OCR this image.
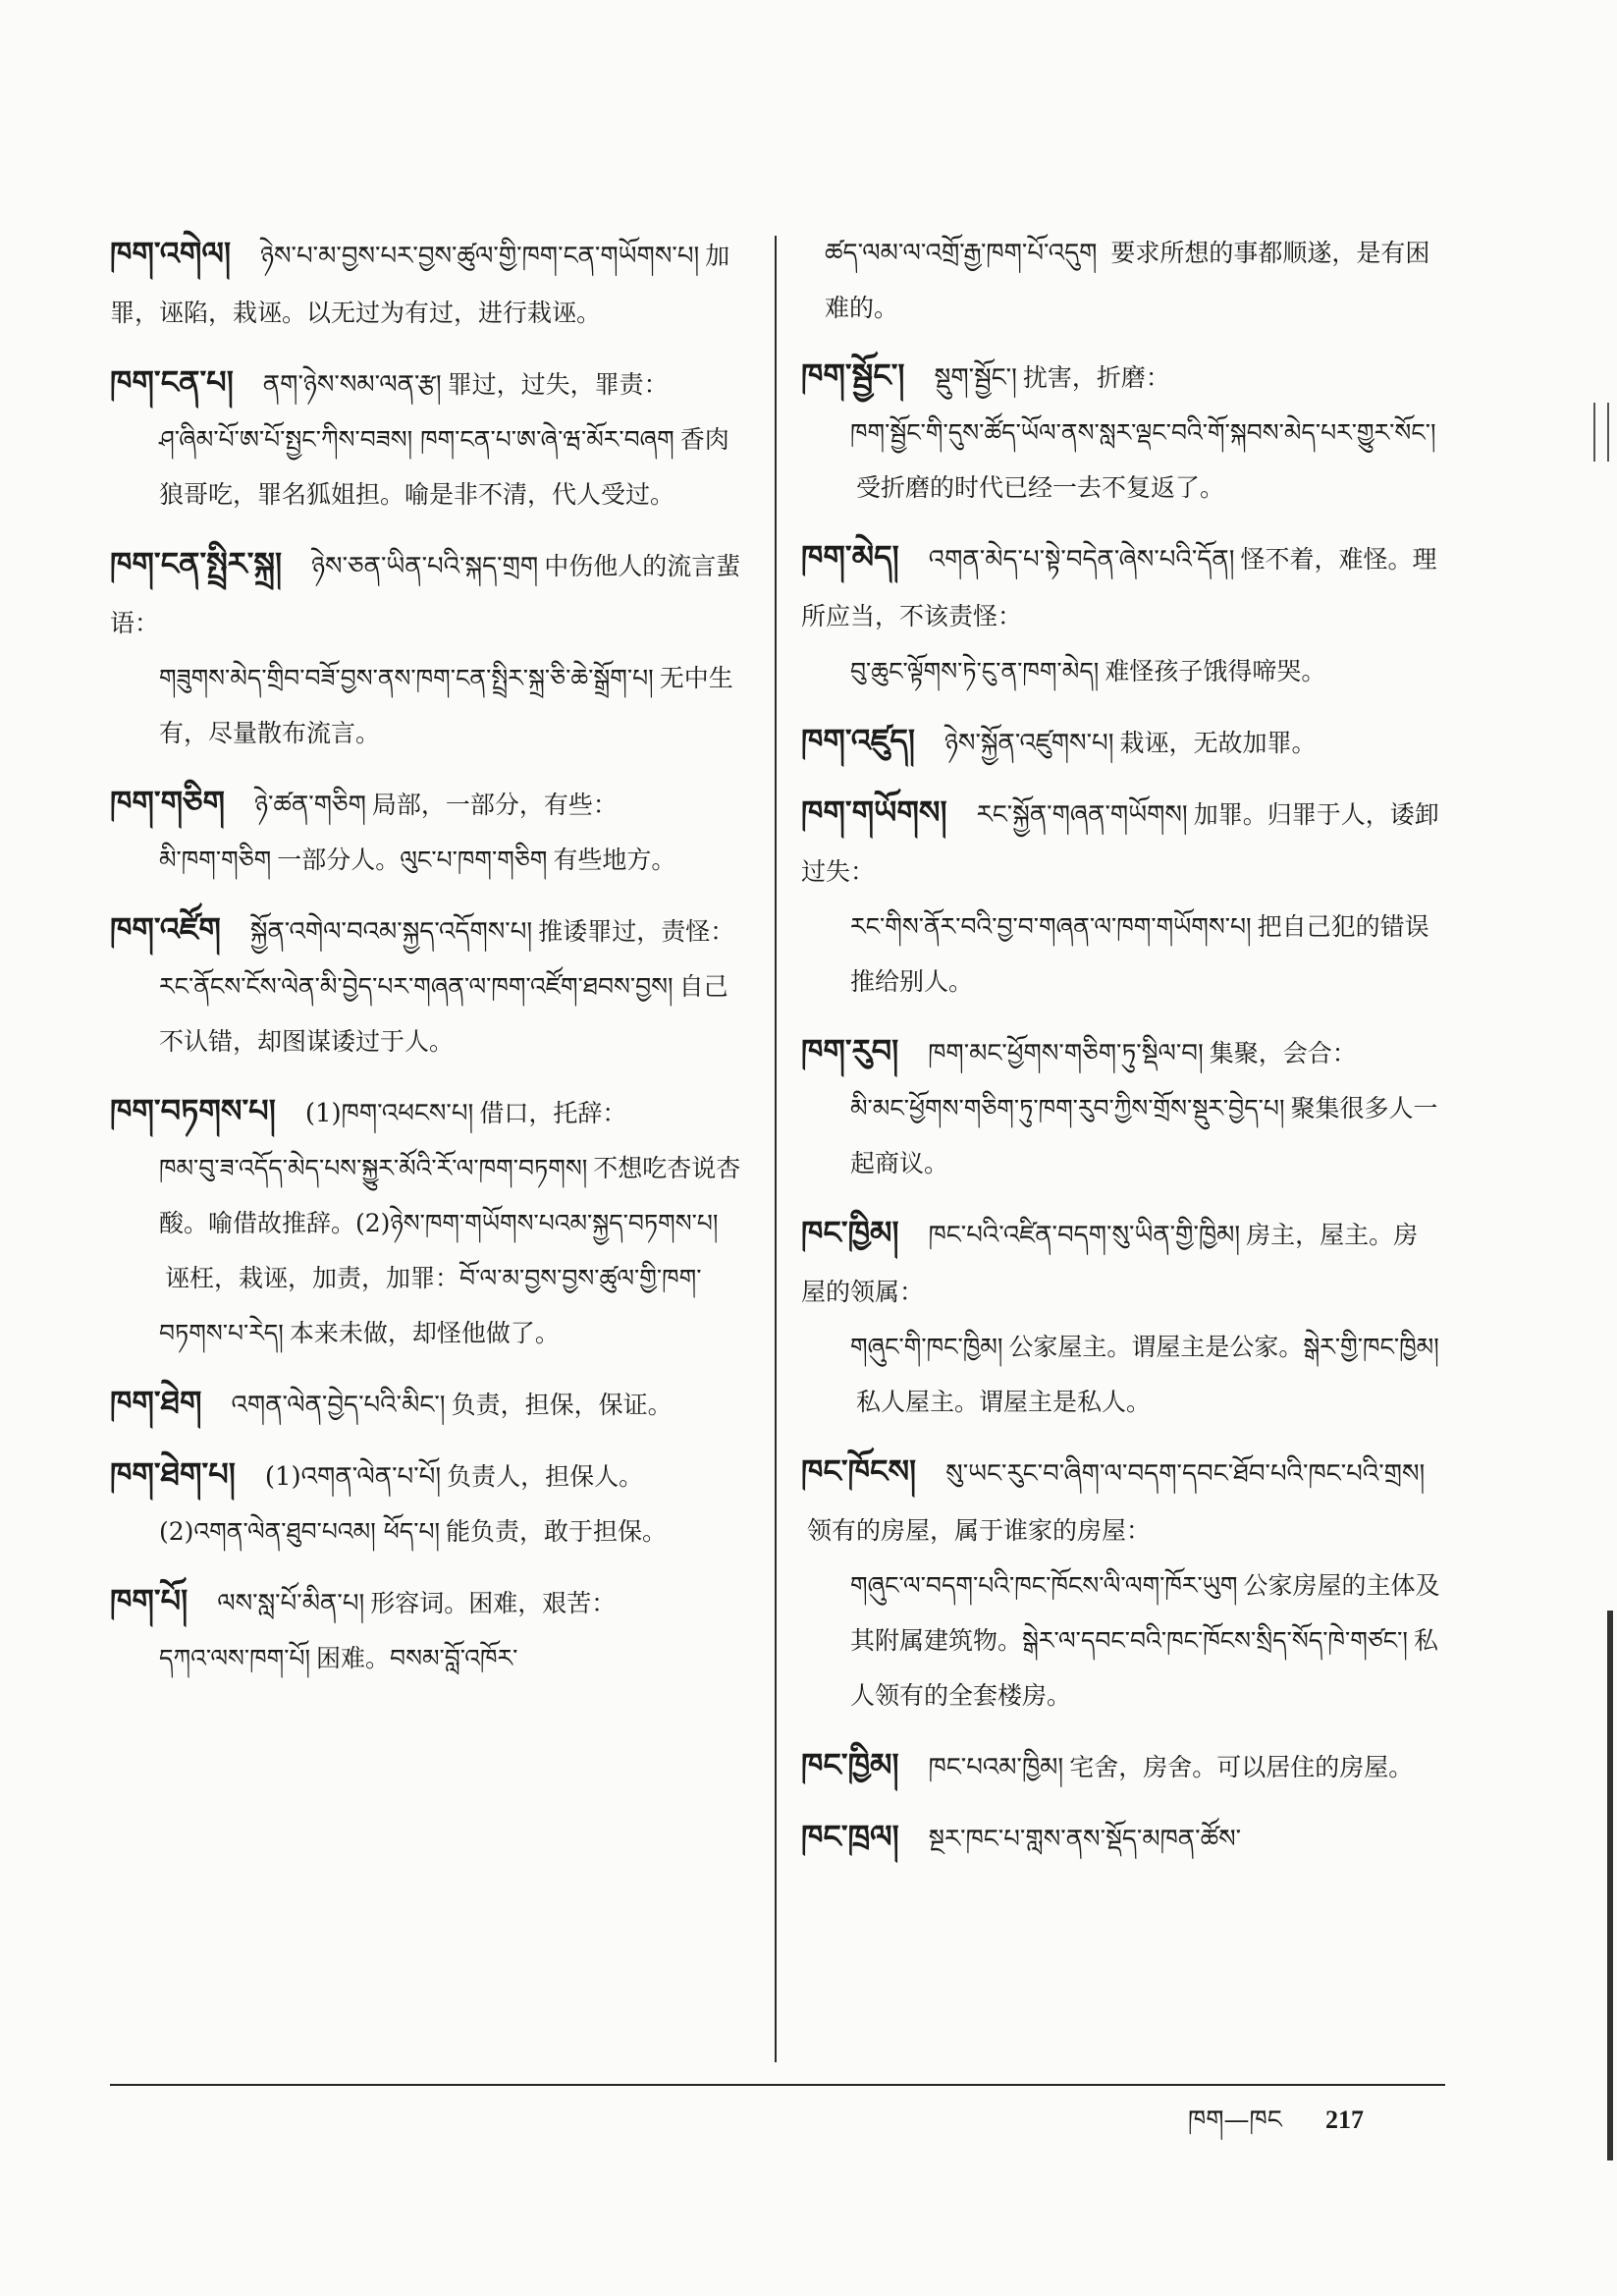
ཁག་འགེལ། ཉེས་པ་མ་བྱས་པར་བྱས་ཚུལ་གྱི་ཁག་ངན་གཡོགས་པ། 加罪，诬陷，栽诬。以无过为有过，进行栽诬。
ཁག་ངན་པ། ནག་ཉེས་སམ་ལན་རྩ། 罪过，过失，罪责：
ཤ་ཞིམ་པོ་ཨ་པོ་སྤྱང་ཀིས་བཟས། ཁག་ངན་པ་ཨ་ཞེ་ཝ་མོར་བཞག 香肉狼哥吃，罪名狐姐担。喻是非不清，代人受过。
ཁག་ངན་སྤྲིར་སྐྲ། ཉེས་ཅན་ཡིན་པའི་སྐད་གྲག 中伤他人的流言蜚语：
གཟུགས་མེད་གྲིབ་བཟོ་བྱས་ནས་ཁག་ངན་སྤྲིར་སྐྲ་ཅི་ཆེ་སྒྲོག་པ། 无中生有，尽量散布流言。
ཁག་གཅིག ཉེ་ཚན་གཅིག 局部，一部分，有些：
མི་ཁག་གཅིག 一部分人。ལུང་པ་ཁག་གཅིག 有些地方。
ཁག་འཛོག སྐྱོན་འགེལ་བའམ་སྐྱད་འདོགས་པ། 推诿罪过，责怪：
རང་ནོངས་ངོས་ལེན་མི་བྱེད་པར་གཞན་ལ་ཁག་འཛོག་ཐབས་བྱས། 自己不认错，却图谋诿过于人。
ཁག་བཏགས་པ། (1)ཁག་འཕངས་པ། 借口，托辞：
ཁམ་བུ་ཟ་འདོད་མེད་པས་སྐྱུར་མོའི་རོ་ལ་ཁག་བཏགས། 不想吃杏说杏酸。喻借故推辞。(2)ཉེས་ཁག་གཡོགས་པའམ་སྐྱད་བཏགས་པ།诬枉，栽诬，加责，加罪：བོ་ལ་མ་བྱས་བྱས་ཚུལ་གྱི་ཁག་བཏགས་པ་རེད། 本来未做，却怪他做了。
ཁག་ཐེག འགན་ལེན་བྱེད་པའི་མིང་། 负责，担保，保证。
ཁག་ཐེག་པ། (1)འགན་ལེན་པ་པོ། 负责人，担保人。
(2)འགན་ལེན་ཐུབ་པའམ། ཕོད་པ། 能负责，敢于担保。
ཁག་པོ། ལས་སླ་པོ་མིན་པ། 形容词。困难，艰苦：
དཀའ་ལས་ཁག་པོ། 困难。བསམ་བློ་འཁོར་
ཚད་ལམ་ལ་འགྲོ་རྒྱ་ཁག་པོ་འདུག 要求所想的事都顺遂，是有困难的。
ཁག་སྦྱོང་། སྡུག་སྦྱོང་། 扰害，折磨：
ཁག་སྦྱོང་གི་དུས་ཚོད་ཡོལ་ནས་སླར་ལྡང་བའི་གོ་སྐབས་མེད་པར་གྱུར་སོང་།受折磨的时代已经一去不复返了。
ཁག་མེད། འགན་མེད་པ་སྟེ་བདེན་ཞེས་པའི་དོན། 怪不着，难怪。理所应当，不该责怪：
བུ་ཆུང་ལྟོགས་ཏེ་ངུ་ན་ཁག་མེད། 难怪孩子饿得啼哭。
ཁག་འཛུད། ཉེས་སྐྱོན་འཛུགས་པ། 栽诬，无故加罪。
ཁག་གཡོགས། རང་སྐྱོན་གཞན་གཡོགས། 加罪。归罪于人，诿卸过失：
རང་གིས་ནོར་བའི་བྱ་བ་གཞན་ལ་ཁག་གཡོགས་པ། 把自己犯的错误推给别人。
ཁག་རུབ། ཁག་མང་ཕྱོགས་གཅིག་ཏུ་སྡིལ་བ། 集聚，会合：
མི་མང་ཕྱོགས་གཅིག་ཏུ་ཁག་རུབ་ཀྱིས་གྲོས་སྡུར་བྱེད་པ། 聚集很多人一起商议。
ཁང་ཁྱིམ། ཁང་པའི་འཛིན་བདག་སུ་ཡིན་གྱི་ཁྱིམ། 房主，屋主。房屋的领属：
གཞུང་གི་ཁང་ཁྱིམ། 公家屋主。谓屋主是公家。སྒེར་གྱི་ཁང་ཁྱིམ།私人屋主。谓屋主是私人。
ཁང་ཁོངས། སུ་ཡང་རུང་བ་ཞིག་ལ་བདག་དབང་ཐོབ་པའི་ཁང་པའི་གྲས།领有的房屋，属于谁家的房屋：
གཞུང་ལ་བདག་པའི་ཁང་ཁོངས་ལི་ལག་ཁོར་ཡུག 公家房屋的主体及其附属建筑物。སྒེར་ལ་དབང་བའི་ཁང་ཁོངས་སྲིད་སོད་ཁེ་གཙང་། 私人领有的全套楼房。
ཁང་ཁྱིམ། ཁང་པའམ་ཁྱིམ། 宅舍，房舍。可以居住的房屋。
ཁང་ཁྲལ། སྔར་ཁང་པ་གླས་ནས་སྡོད་མཁན་ཚོས་
ཁག—ཁང 217
